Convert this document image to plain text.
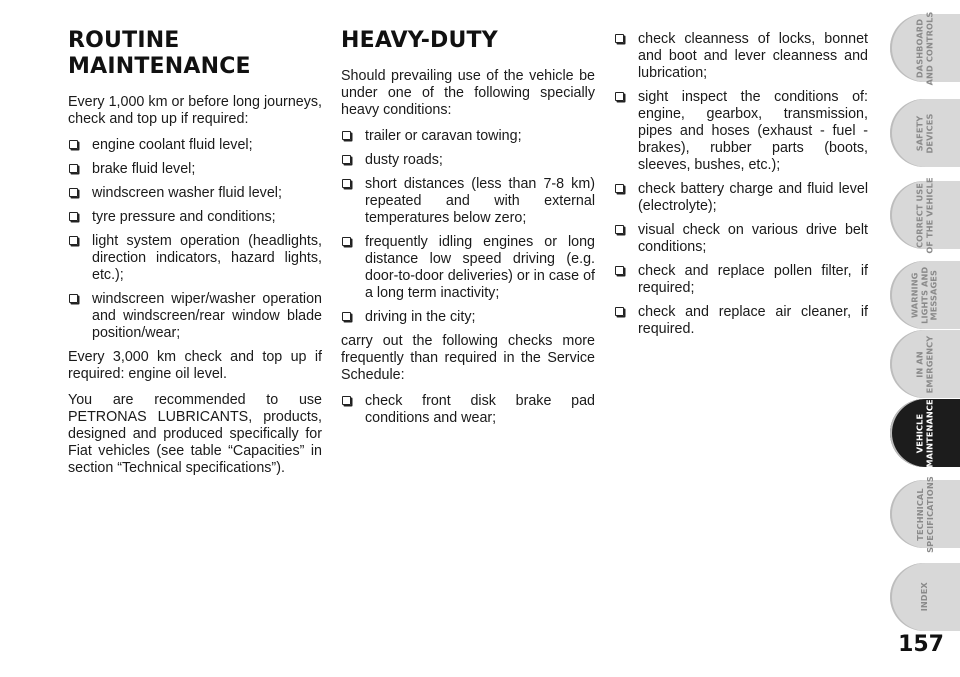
ROUTINE
MAINTENANCE

Every 1,000 km or before long journeys, check and top up if required:

engine coolant fluid level;
brake fluid level;
windscreen washer fluid level;
tyre pressure and conditions;
light system operation (headlights, direction indicators, hazard lights, etc.);
windscreen wiper/washer operation and windscreen/rear window blade position/wear;

Every 3,000 km check and top up if required: engine oil level.

You are recommended to use PETRONAS LUBRICANTS, products, designed and produced specifically for Fiat vehicles (see table “Capacities” in section “Technical specifications”).

HEAVY-DUTY

Should prevailing use of the vehicle be under one of the following specially heavy conditions:

trailer or caravan towing;
dusty roads;
short distances (less than 7-8 km) repeated and with external temperatures below zero;
frequently idling engines or long distance low speed driving (e.g. door-to-door deliveries) or in case of a long term inactivity;
driving in the city;

carry out the following checks more frequently than required in the Service Schedule:

check front disk brake pad conditions and wear;
check cleanness of locks, bonnet and boot and lever cleanness and lubrication;
sight inspect the conditions of: engine, gearbox, transmission, pipes and hoses (exhaust - fuel - brakes), rubber parts (boots, sleeves, bushes, etc.);
check battery charge and fluid level (electrolyte);
visual check on various drive belt conditions;
check and replace pollen filter, if required;
check and replace air cleaner, if required.
DASHBOARD
AND CONTROLS
SAFETY
DEVICES
CORRECT USE
OF THE VEHICLE
WARNING
LIGHTS AND
MESSAGES
IN AN
EMERGENCY
VEHICLE
MAINTENANCE
TECHNICAL
SPECIFICATIONS
INDEX
157
